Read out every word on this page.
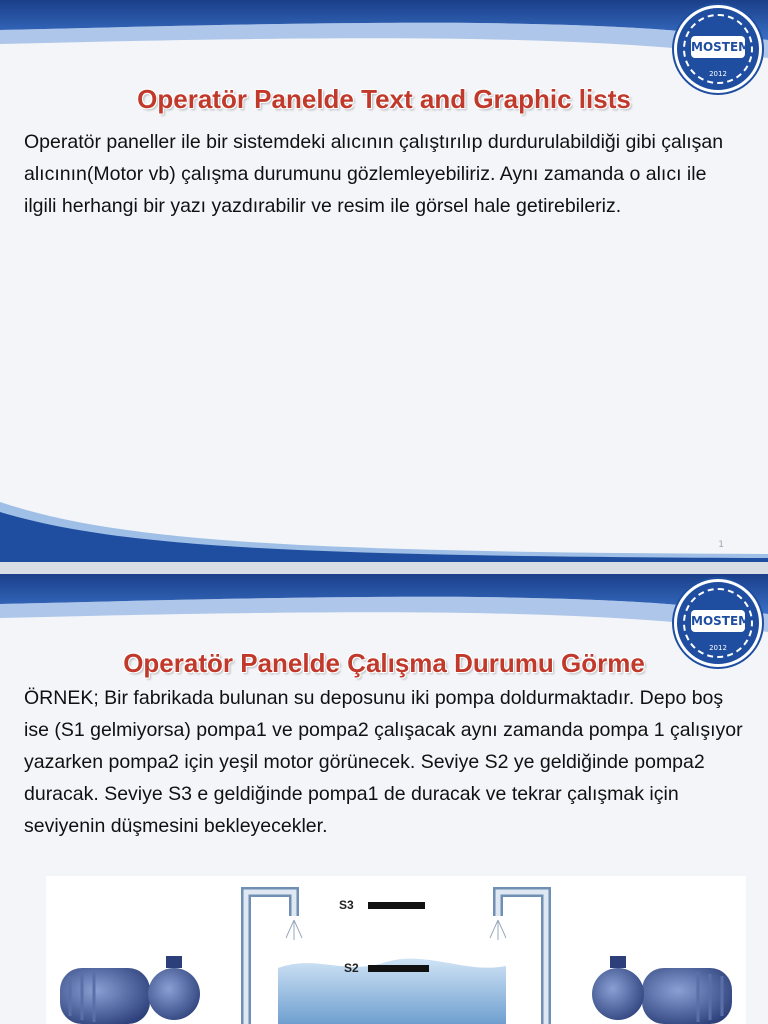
MOSTEM
2012
Operatör Panelde Text and Graphic lists

Operatör paneller ile bir sistemdeki alıcının çalıştırılıp durdurulabildiği gibi çalışan alıcının(Motor vb) çalışma durumunu gözlemleyebiliriz. Aynı zamanda o alıcı ile ilgili herhangi bir yazı yazdırabilir ve resim ile görsel hale getirebileriz.

1
MOSTEM
2012
Operatör Panelde Çalışma Durumu Görme

ÖRNEK; Bir fabrikada bulunan su deposunu iki pompa doldurmaktadır. Depo boş ise (S1 gelmiyorsa) pompa1 ve pompa2 çalışacak aynı zamanda pompa 1 çalışıyor yazarken pompa2 için yeşil motor görünecek. Seviye S2 ye geldiğinde pompa2 duracak. Seviye S3 e geldiğinde pompa1 de duracak ve tekrar çalışmak için seviyenin düşmesini bekleyecekler.

S3
S2
